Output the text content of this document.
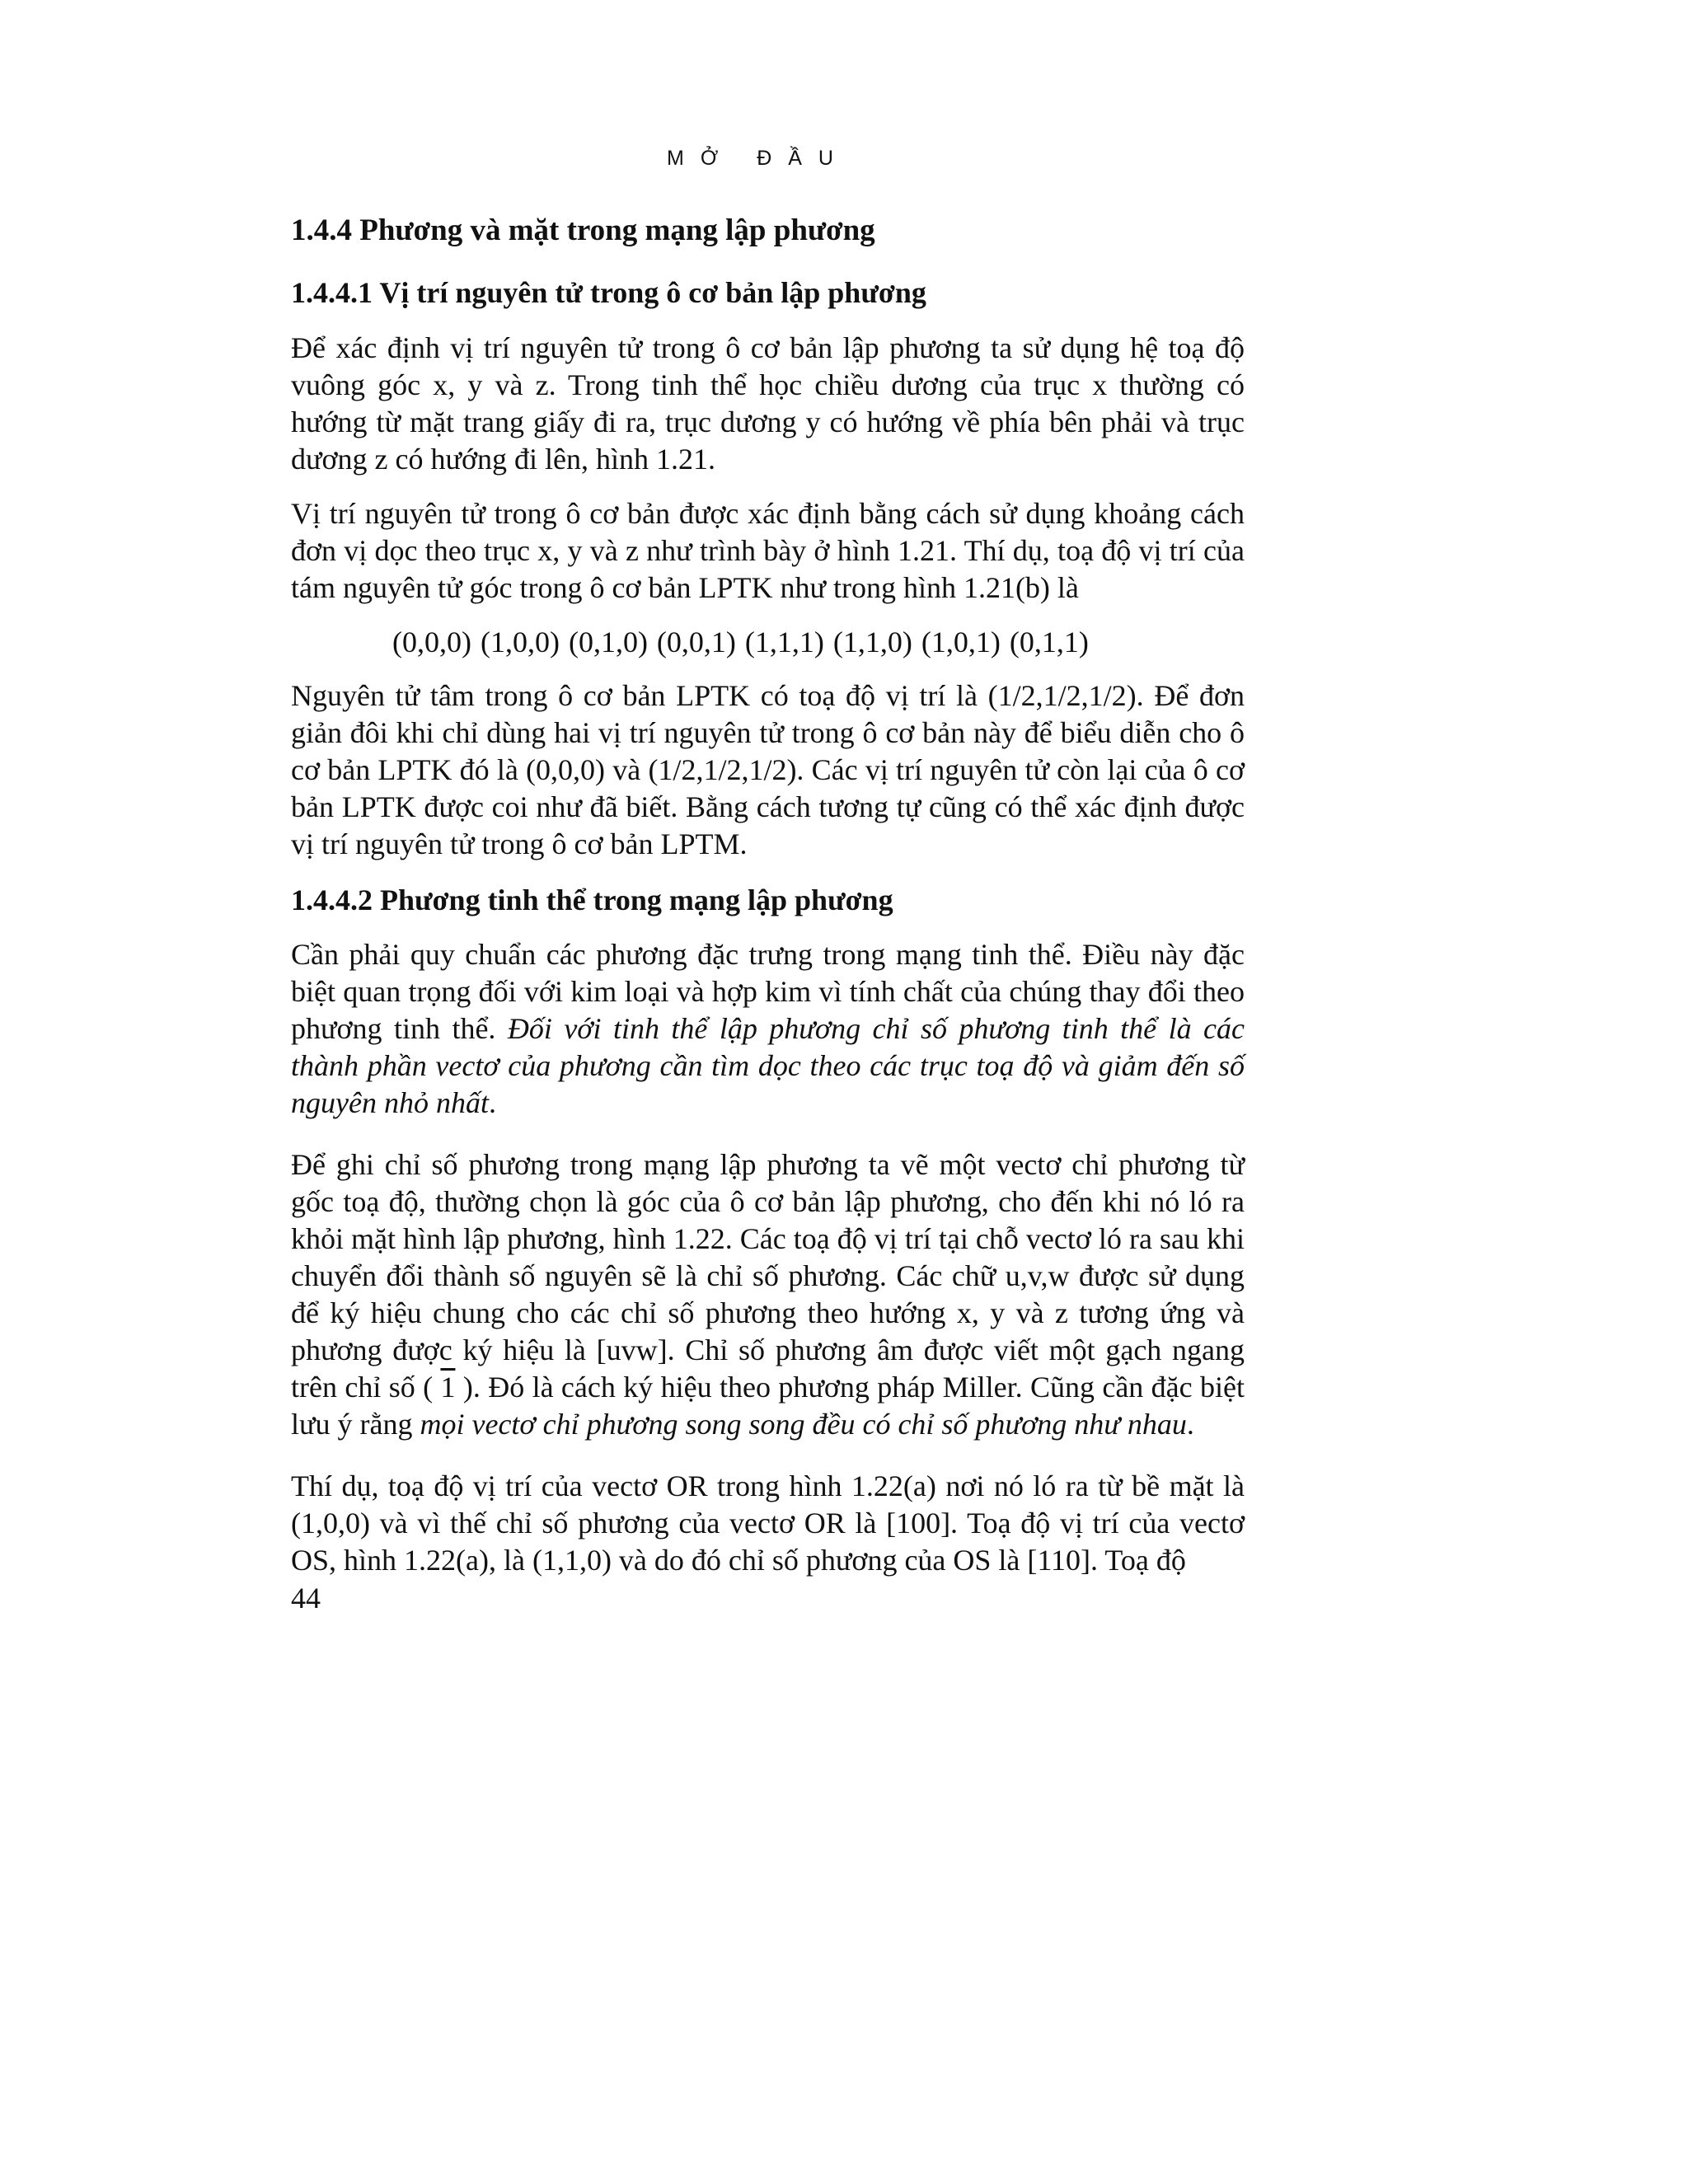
MỞ ĐẦU
1.4.4 Phương và mặt trong mạng lập phương
1.4.4.1 Vị trí nguyên tử trong ô cơ bản lập phương

Để xác định vị trí nguyên tử trong ô cơ bản lập phương ta sử dụng hệ toạ độ vuông góc x, y và z. Trong tinh thể học chiều dương của trục x thường có hướng từ mặt trang giấy đi ra, trục dương y có hướng về phía bên phải và trục dương z có hướng đi lên, hình 1.21.

Vị trí nguyên tử trong ô cơ bản được xác định bằng cách sử dụng khoảng cách đơn vị dọc theo trục x, y và z như trình bày ở hình 1.21. Thí dụ, toạ độ vị trí của tám nguyên tử góc trong ô cơ bản LPTK như trong hình 1.21(b) là

(0,0,0) (1,0,0) (0,1,0) (0,0,1) (1,1,1) (1,1,0) (1,0,1) (0,1,1)

Nguyên tử tâm trong ô cơ bản LPTK có toạ độ vị trí là (1/2,1/2,1/2). Để đơn giản đôi khi chỉ dùng hai vị trí nguyên tử trong ô cơ bản này để biểu diễn cho ô cơ bản LPTK đó là (0,0,0) và (1/2,1/2,1/2). Các vị trí nguyên tử còn lại của ô cơ bản LPTK được coi như đã biết. Bằng cách tương tự cũng có thể xác định được vị trí nguyên tử trong ô cơ bản LPTM.

1.4.4.2 Phương tinh thể trong mạng lập phương

Cần phải quy chuẩn các phương đặc trưng trong mạng tinh thể. Điều này đặc biệt quan trọng đối với kim loại và hợp kim vì tính chất của chúng thay đổi theo phương tinh thể. Đối với tinh thể lập phương chỉ số phương tinh thể là các thành phần vectơ của phương cần tìm dọc theo các trục toạ độ và giảm đến số nguyên nhỏ nhất.

Để ghi chỉ số phương trong mạng lập phương ta vẽ một vectơ chỉ phương từ gốc toạ độ, thường chọn là góc của ô cơ bản lập phương, cho đến khi nó ló ra khỏi mặt hình lập phương, hình 1.22. Các toạ độ vị trí tại chỗ vectơ ló ra sau khi chuyển đổi thành số nguyên sẽ là chỉ số phương. Các chữ u,v,w được sử dụng để ký hiệu chung cho các chỉ số phương theo hướng x, y và z tương ứng và phương được ký hiệu là [uvw]. Chỉ số phương âm được viết một gạch ngang trên chỉ số ( 1 ). Đó là cách ký hiệu theo phương pháp Miller. Cũng cần đặc biệt lưu ý rằng mọi vectơ chỉ phương song song đều có chỉ số phương như nhau.

Thí dụ, toạ độ vị trí của vectơ OR trong hình 1.22(a) nơi nó ló ra từ bề mặt là (1,0,0) và vì thế chỉ số phương của vectơ OR là [100]. Toạ độ vị trí của vectơ OS, hình 1.22(a), là (1,1,0) và do đó chỉ số phương của OS là [110]. Toạ độ

44
